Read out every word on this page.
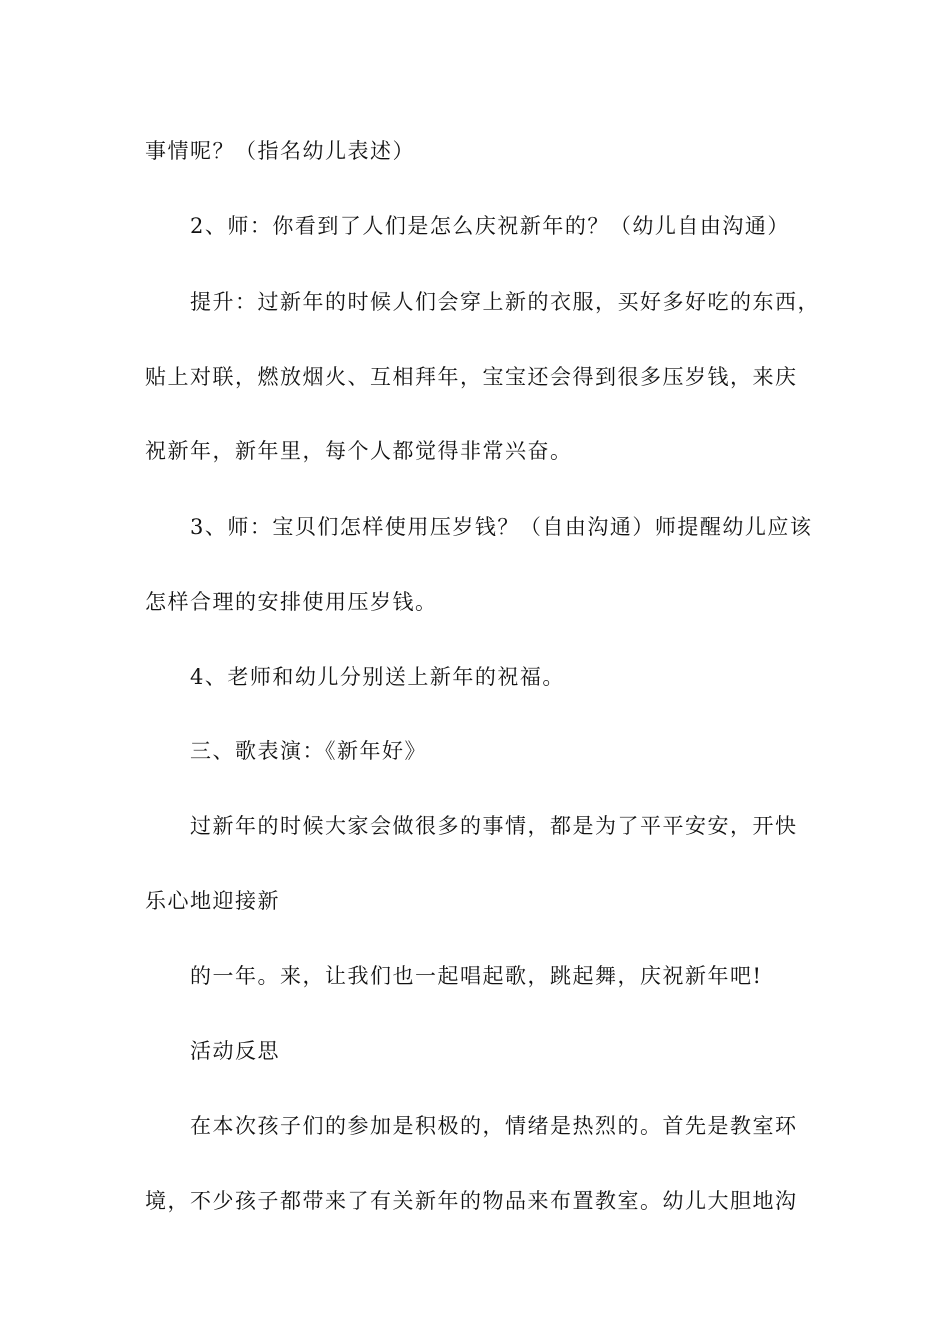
事情呢？（指名幼儿表述）
2、师：你看到了人们是怎么庆祝新年的？（幼儿自由沟通）
提升：过新年的时候人们会穿上新的衣服，买好多好吃的东西，
贴上对联，燃放烟火、互相拜年，宝宝还会得到很多压岁钱，来庆
祝新年，新年里，每个人都觉得非常兴奋。
3、师：宝贝们怎样使用压岁钱？（自由沟通）师提醒幼儿应该
怎样合理的安排使用压岁钱。
4、老师和幼儿分别送上新年的祝福。
三、歌表演：《新年好》
过新年的时候大家会做很多的事情，都是为了平平安安，开快
乐心地迎接新
的一年。来，让我们也一起唱起歌，跳起舞，庆祝新年吧!
活动反思
在本次孩子们的参加是积极的，情绪是热烈的。首先是教室环
境，不少孩子都带来了有关新年的物品来布置教室。幼儿大胆地沟
